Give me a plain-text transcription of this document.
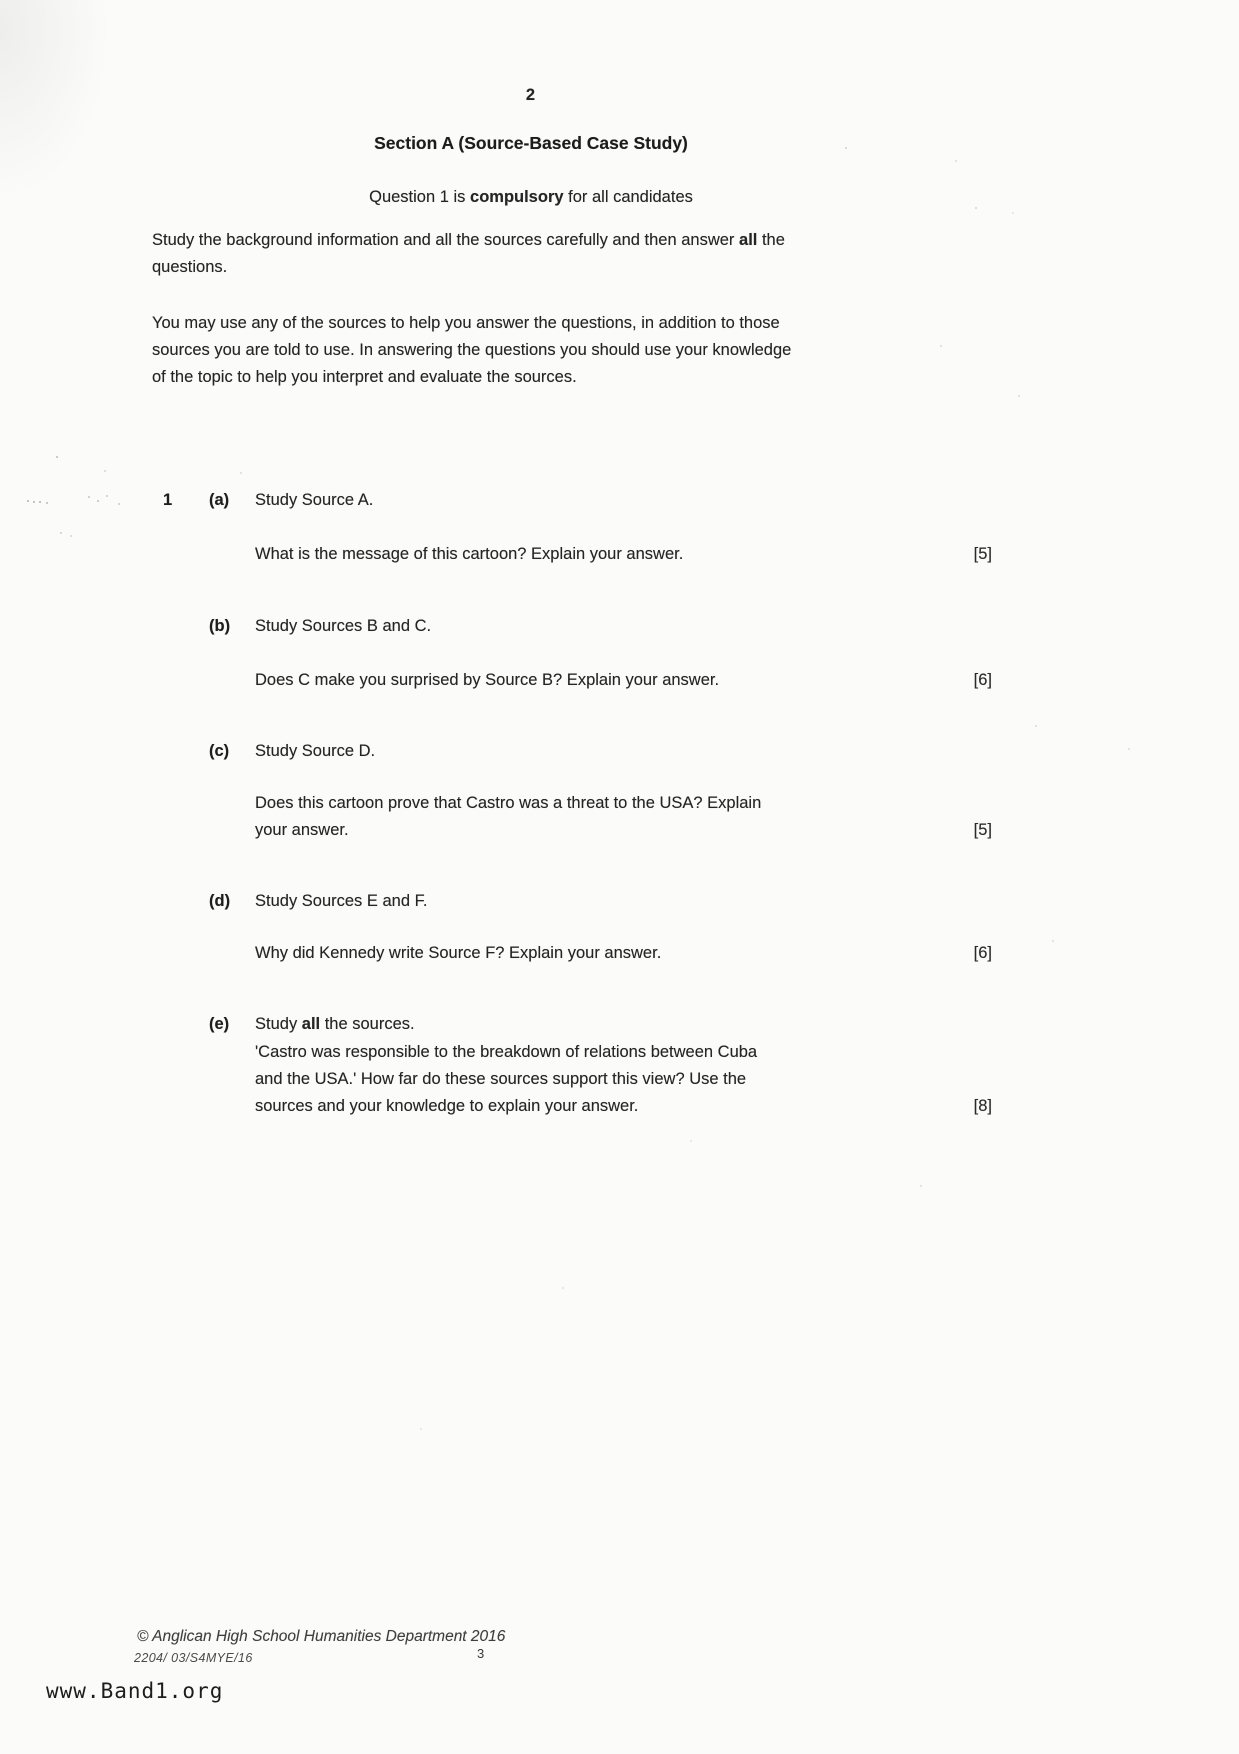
2
Section A (Source-Based Case Study)
Question 1 is compulsory for all candidates

Study the background information and all the sources carefully and then answer all the
questions.

You may use any of the sources to help you answer the questions, in addition to those
sources you are told to use. In answering the questions you should use your knowledge
of the topic to help you interpret and evaluate the sources.

1 (a) Study Source A.
What is the message of this cartoon? Explain your answer.	[5]
(b) Study Sources B and C.
Does C make you surprised by Source B? Explain your answer.	[6]
(c) Study Source D.
Does this cartoon prove that Castro was a threat to the USA? Explain
your answer.	[5]
(d) Study Sources E and F.
Why did Kennedy write Source F? Explain your answer.	[6]
(e) Study all the sources.
'Castro was responsible to the breakdown of relations between Cuba
and the USA.' How far do these sources support this view? Use the
sources and your knowledge to explain your answer.	[8]
© Anglican High School Humanities Department 2016
2204/ 03/S4MYE/16	3
www.Band1.org
